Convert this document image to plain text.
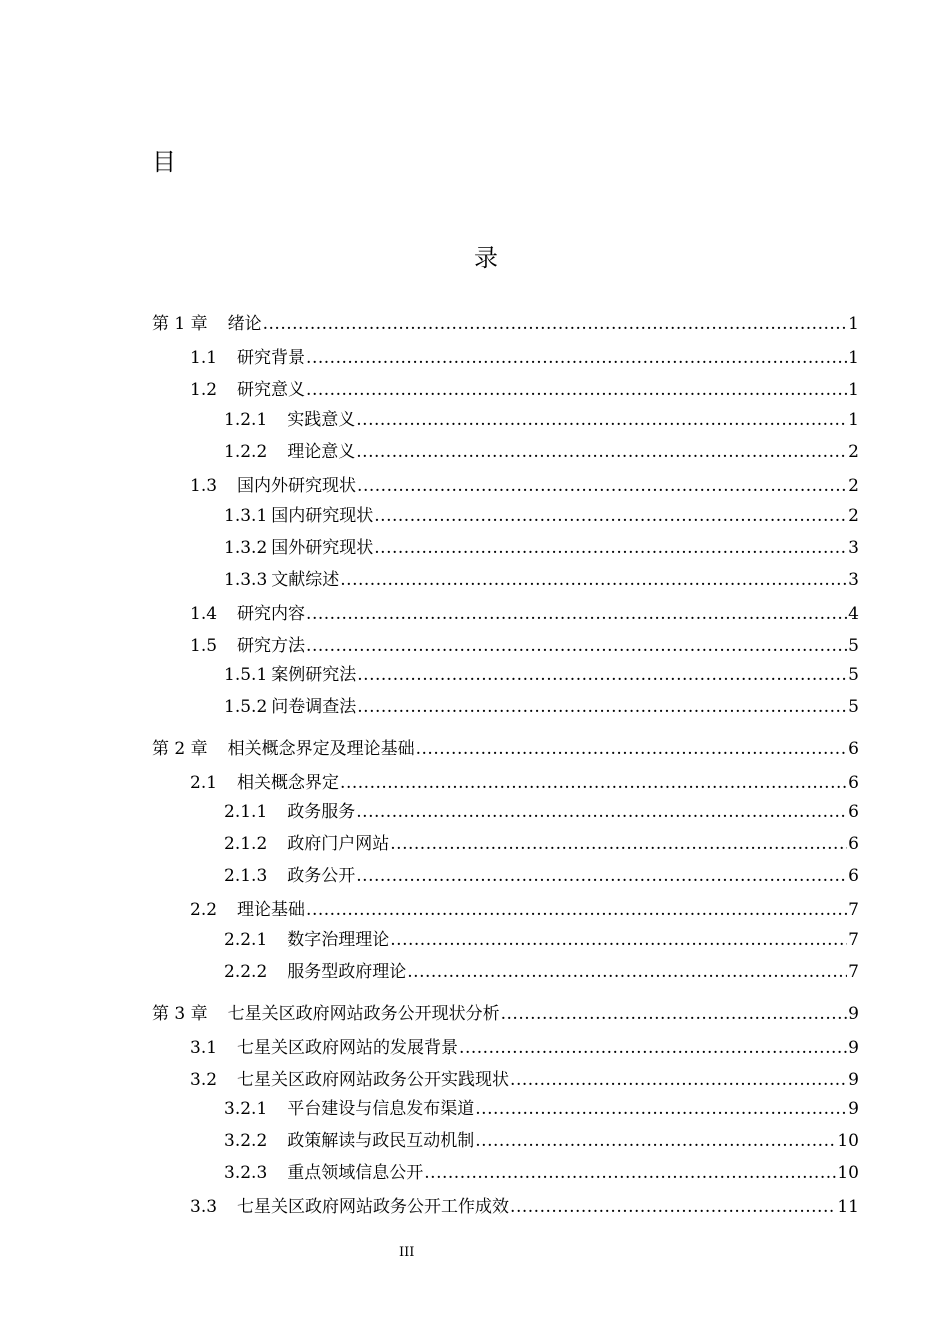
目
录
第 1 章 绪论 .....	1
1.1 研究背景 .....	1
1.2 研究意义 .....	1
1.2.1 实践意义 .....	1
1.2.2 理论意义 .....	2
1.3 国内外研究现状 .....	2
1.3.1 国内研究现状 .....	2
1.3.2 国外研究现状 .....	3
1.3.3 文献综述 .....	3
1.4 研究内容 .....	4
1.5 研究方法 .....	5
1.5.1 案例研究法 .....	5
1.5.2 问卷调查法 .....	5
第 2 章 相关概念界定及理论基础 .....	6
2.1 相关概念界定 .....	6
2.1.1 政务服务 .....	6
2.1.2 政府门户网站 .....	6
2.1.3 政务公开 .....	6
2.2 理论基础 .....	7
2.2.1 数字治理理论 .....	7
2.2.2 服务型政府理论 .....	7
第 3 章 七星关区政府网站政务公开现状分析 .....	9
3.1 七星关区政府网站的发展背景 .....	9
3.2 七星关区政府网站政务公开实践现状 .....	9
3.2.1 平台建设与信息发布渠道 .....	9
3.2.2 政策解读与政民互动机制 .....	10
3.2.3 重点领域信息公开 .....	10
3.3 七星关区政府网站政务公开工作成效 .....	11
III
